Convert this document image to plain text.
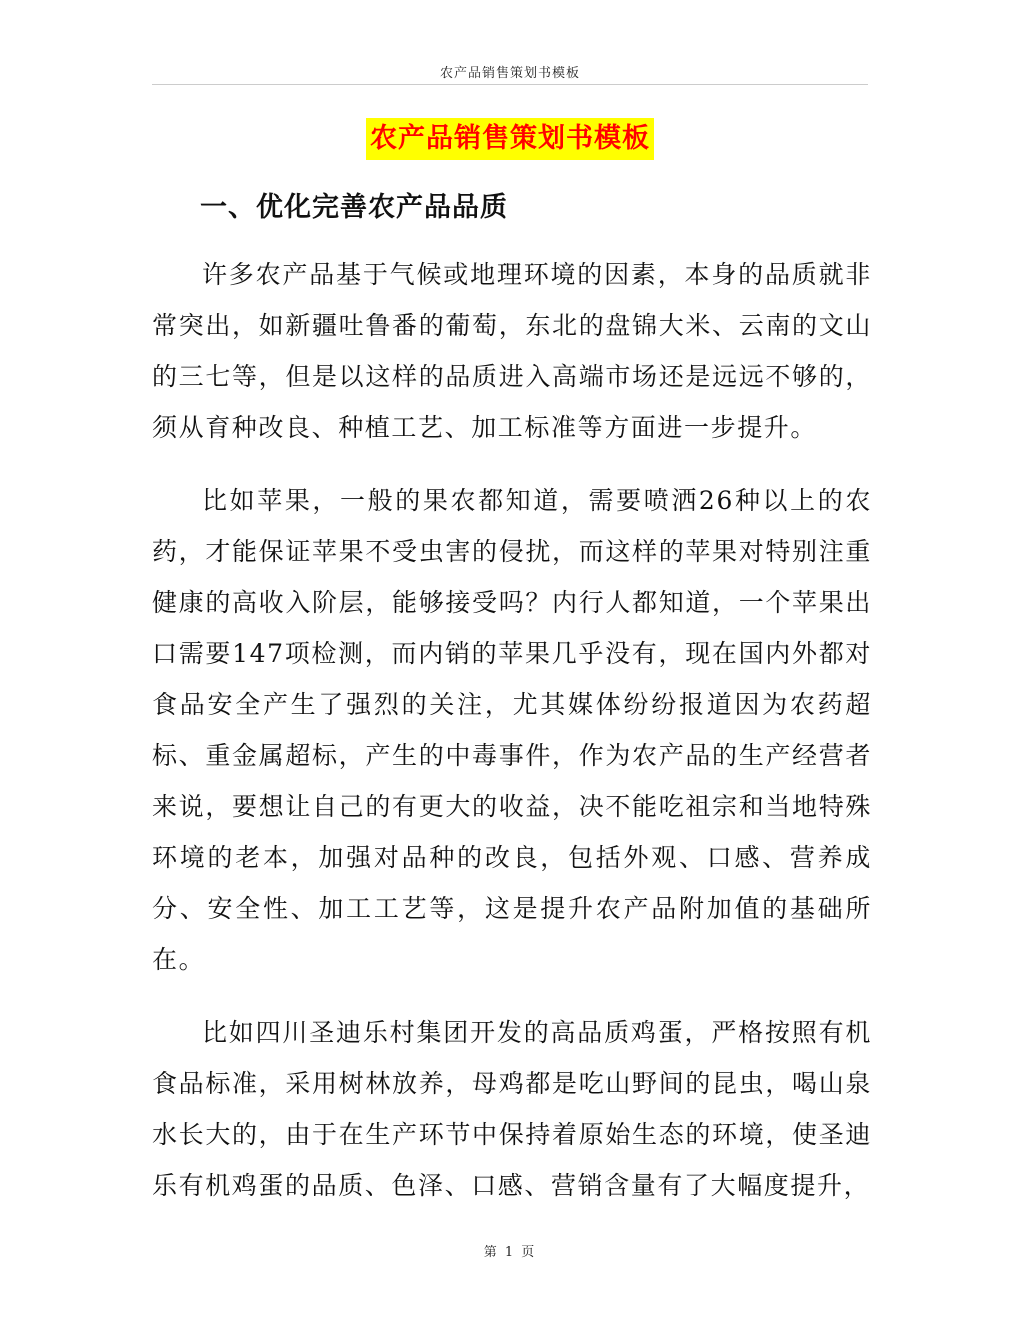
农产品销售策划书模板
农产品销售策划书模板
一、优化完善农产品品质

许多农产品基于气候或地理环境的因素，本身的品质就非常突出，如新疆吐鲁番的葡萄，东北的盘锦大米、云南的文山的三七等，但是以这样的品质进入高端市场还是远远不够的，须从育种改良、种植工艺、加工标准等方面进一步提升。

比如苹果，一般的果农都知道，需要喷洒26种以上的农药，才能保证苹果不受虫害的侵扰，而这样的苹果对特别注重健康的高收入阶层，能够接受吗？内行人都知道，一个苹果出口需要147项检测，而内销的苹果几乎没有，现在国内外都对食品安全产生了强烈的关注，尤其媒体纷纷报道因为农药超标、重金属超标，产生的中毒事件，作为农产品的生产经营者来说，要想让自己的有更大的收益，决不能吃祖宗和当地特殊环境的老本，加强对品种的改良，包括外观、口感、营养成分、安全性、加工工艺等，这是提升农产品附加值的基础所在。

比如四川圣迪乐村集团开发的高品质鸡蛋，严格按照有机食品标准，采用树林放养，母鸡都是吃山野间的昆虫，喝山泉水长大的，由于在生产环节中保持着原始生态的环境，使圣迪乐有机鸡蛋的品质、色泽、口感、营销含量有了大幅度提升，

第 1 页
